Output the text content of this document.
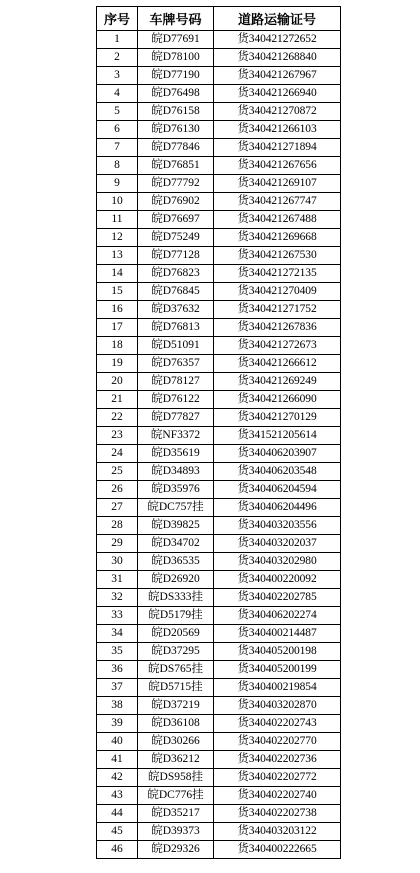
序号	车牌号码	道路运输证号
1	皖D77691	货340421272652
2	皖D78100	货340421268840
3	皖D77190	货340421267967
4	皖D76498	货340421266940
5	皖D76158	货340421270872
6	皖D76130	货340421266103
7	皖D77846	货340421271894
8	皖D76851	货340421267656
9	皖D77792	货340421269107
10	皖D76902	货340421267747
11	皖D76697	货340421267488
12	皖D75249	货340421269668
13	皖D77128	货340421267530
14	皖D76823	货340421272135
15	皖D76845	货340421270409
16	皖D37632	货340421271752
17	皖D76813	货340421267836
18	皖D51091	货340421272673
19	皖D76357	货340421266612
20	皖D78127	货340421269249
21	皖D76122	货340421266090
22	皖D77827	货340421270129
23	皖NF3372	货341521205614
24	皖D35619	货340406203907
25	皖D34893	货340406203548
26	皖D35976	货340406204594
27	皖DC757挂	货340406204496
28	皖D39825	货340403203556
29	皖D34702	货340403202037
30	皖D36535	货340403202980
31	皖D26920	货340400220092
32	皖DS333挂	货340402202785
33	皖D5179挂	货340406202274
34	皖D20569	货340400214487
35	皖D37295	货340405200198
36	皖DS765挂	货340405200199
37	皖D5715挂	货340400219854
38	皖D37219	货340403202870
39	皖D36108	货340402202743
40	皖D30266	货340402202770
41	皖D36212	货340402202736
42	皖DS958挂	货340402202772
43	皖DC776挂	货340402202740
44	皖D35217	货340402202738
45	皖D39373	货340403203122
46	皖D29326	货340400222665
